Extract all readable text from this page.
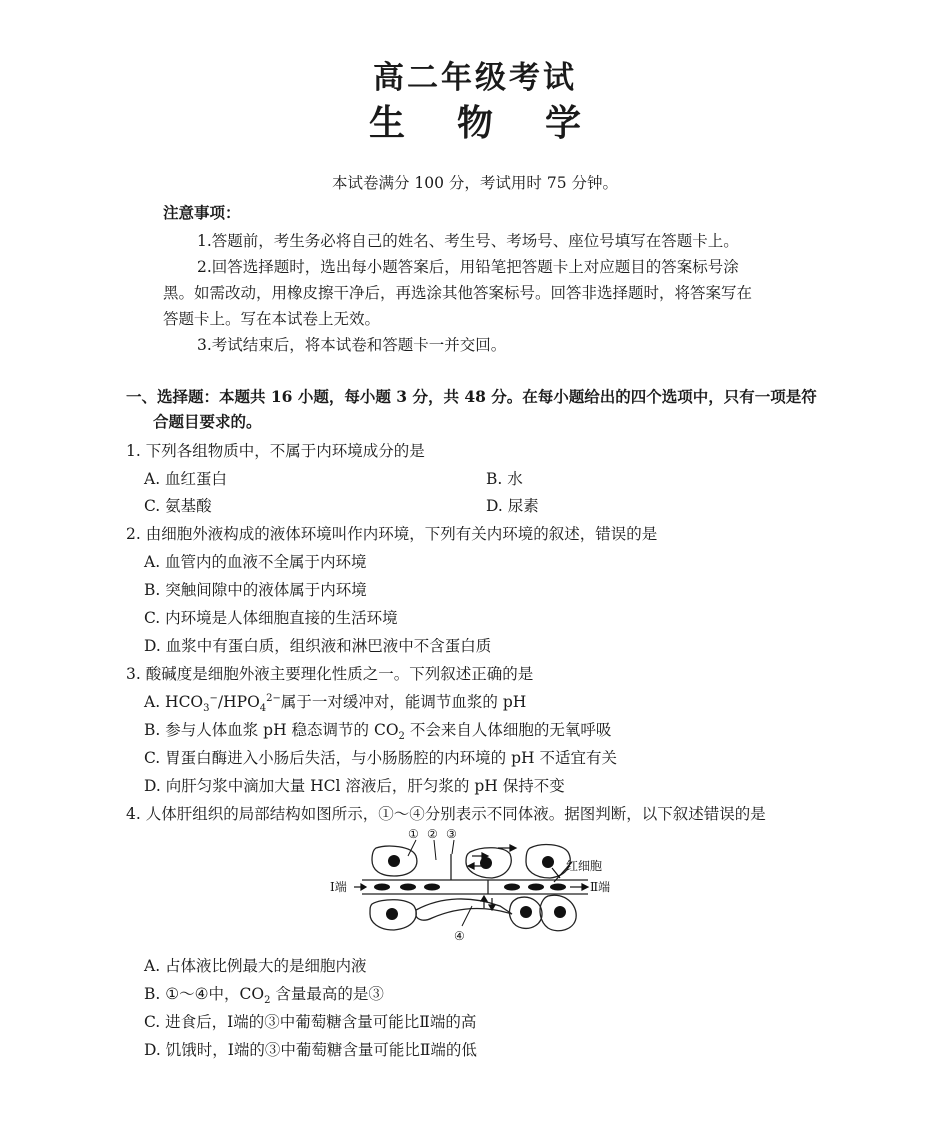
高二年级考试
生 物 学
本试卷满分 100 分，考试用时 75 分钟。
注意事项：
1.答题前，考生务必将自己的姓名、考生号、考场号、座位号填写在答题卡上。
2.回答选择题时，选出每小题答案后，用铅笔把答题卡上对应题目的答案标号涂
黑。如需改动，用橡皮擦干净后，再选涂其他答案标号。回答非选择题时，将答案写在
答题卡上。写在本试卷上无效。
3.考试结束后，将本试卷和答题卡一并交回。
一、选择题：本题共 16 小题，每小题 3 分，共 48 分。在每小题给出的四个选项中，只有一项是符
合题目要求的。
1. 下列各组物质中，不属于内环境成分的是
A. 血红蛋白	B. 水
C. 氨基酸	D. 尿素
2. 由细胞外液构成的液体环境叫作内环境，下列有关内环境的叙述，错误的是
A. 血管内的血液不全属于内环境
B. 突触间隙中的液体属于内环境
C. 内环境是人体细胞直接的生活环境
D. 血浆中有蛋白质，组织液和淋巴液中不含蛋白质
3. 酸碱度是细胞外液主要理化性质之一。下列叙述正确的是
A. $HCO_3^-/HPO_4^{2-}$属于一对缓冲对，能调节血浆的 pH
B. 参与人体血浆 pH 稳态调节的 $CO_2$ 不会来自人体细胞的无氧呼吸
C. 胃蛋白酶进入小肠后失活，与小肠肠腔的内环境的 pH 不适宜有关
D. 向肝匀浆中滴加大量 HCl 溶液后，肝匀浆的 pH 保持不变
4. 人体肝组织的局部结构如图所示，①～④分别表示不同体液。据图判断，以下叙述错误的是
① ② ③
④
红细胞
Ⅰ端	Ⅱ端
A. 占体液比例最大的是细胞内液
B. ①～④中，$CO_2$ 含量最高的是③
C. 进食后，Ⅰ端的③中葡萄糖含量可能比Ⅱ端的高
D. 饥饿时，Ⅰ端的③中葡萄糖含量可能比Ⅱ端的低
